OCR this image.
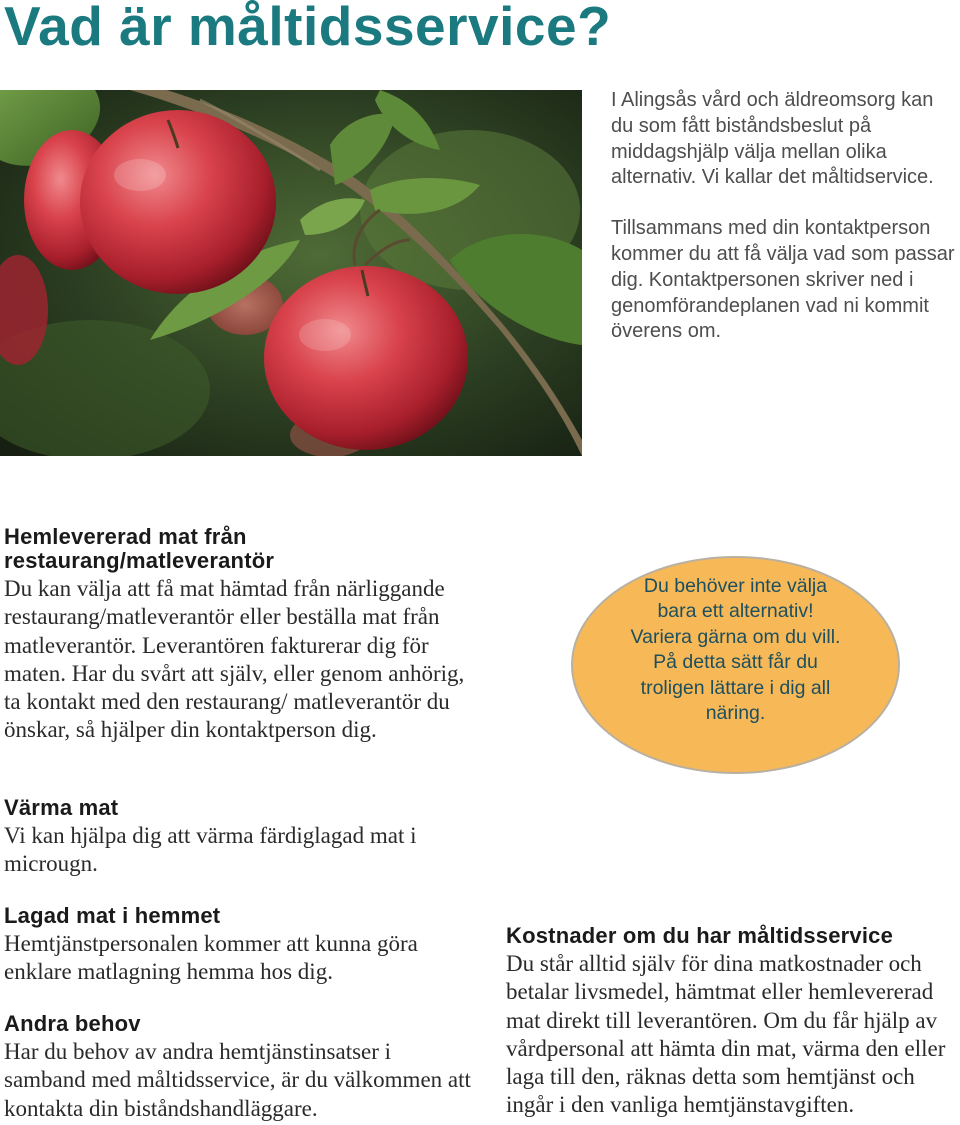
Vad är måltidsservice?

I Alingsås vård och äldreomsorg kan du som fått biståndsbeslut på middagshjälp välja mellan olika alternativ. Vi kallar det måltidservice.

Tillsammans med din kontaktperson kommer du att få välja vad som passar dig. Kontaktpersonen skriver ned i genomförandeplanen vad ni kommit överens om.

Hemlevererad mat från restaurang/matleverantör

Du kan välja att få mat hämtad från närliggande restaurang/matleverantör eller beställa mat från matleverantör. Leverantören fakturerar dig för maten. Har du svårt att själv, eller genom anhörig, ta kontakt med den restaurang/ matleverantör du önskar, så hjälper din kontaktperson dig.

Du behöver inte välja
bara ett alternativ!
Variera gärna om du vill.
På detta sätt får du
troligen lättare i dig all
näring.
Värma mat

Vi kan hjälpa dig att värma färdiglagad mat i microugn.

Lagad mat i hemmet

Hemtjänstpersonalen kommer att kunna göra enklare matlagning hemma hos dig.

Andra behov

Har du behov av andra hemtjänstinsatser i samband med måltidsservice, är du välkommen att kontakta din biståndshandläggare.

Kostnader om du har måltidsservice

Du står alltid själv för dina matkostnader och betalar livsmedel, hämtmat eller hemlevererad mat direkt till leverantören. Om du får hjälp av vårdpersonal att hämta din mat, värma den eller laga till den, räknas detta som hemtjänst och ingår i den vanliga hemtjänstavgiften.
